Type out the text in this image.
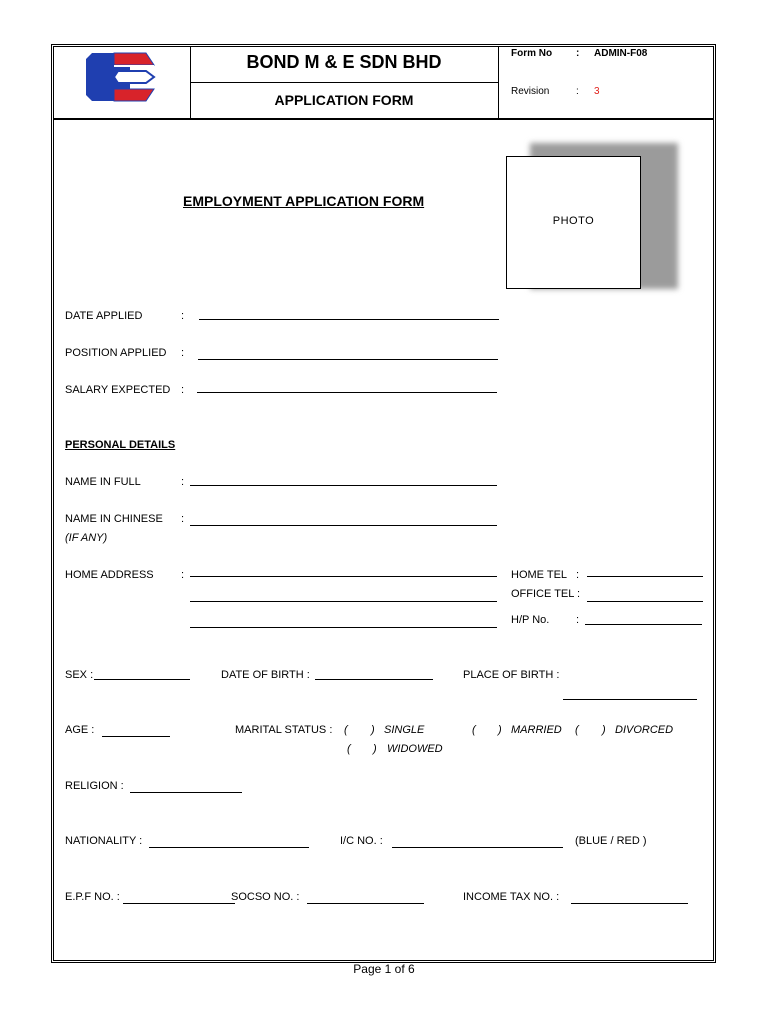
BOND M & E SDN BHD
APPLICATION FORM
Form No : ADMIN-F08
Revision	: 3
EMPLOYMENT APPLICATION FORM
PHOTO
DATE APPLIED	:
POSITION APPLIED :
SALARY EXPECTED :
PERSONAL DETAILS
NAME IN FULL	:
NAME IN CHINESE :
(IF ANY)
HOME ADDRESS :	HOME TEL :
OFFICE TEL :
H/P No. :
SEX :	DATE OF BIRTH :	PLACE OF BIRTH :
AGE :	MARITAL STATUS : ( ) SINGLE	( ) MARRIED ( ) DIVORCED
( ) WIDOWED
RELIGION :
NATIONALITY :	I/C NO. :	(BLUE / RED )
E.P.F NO. :	SOCSO NO. :	INCOME TAX NO. :
Page 1 of 6
